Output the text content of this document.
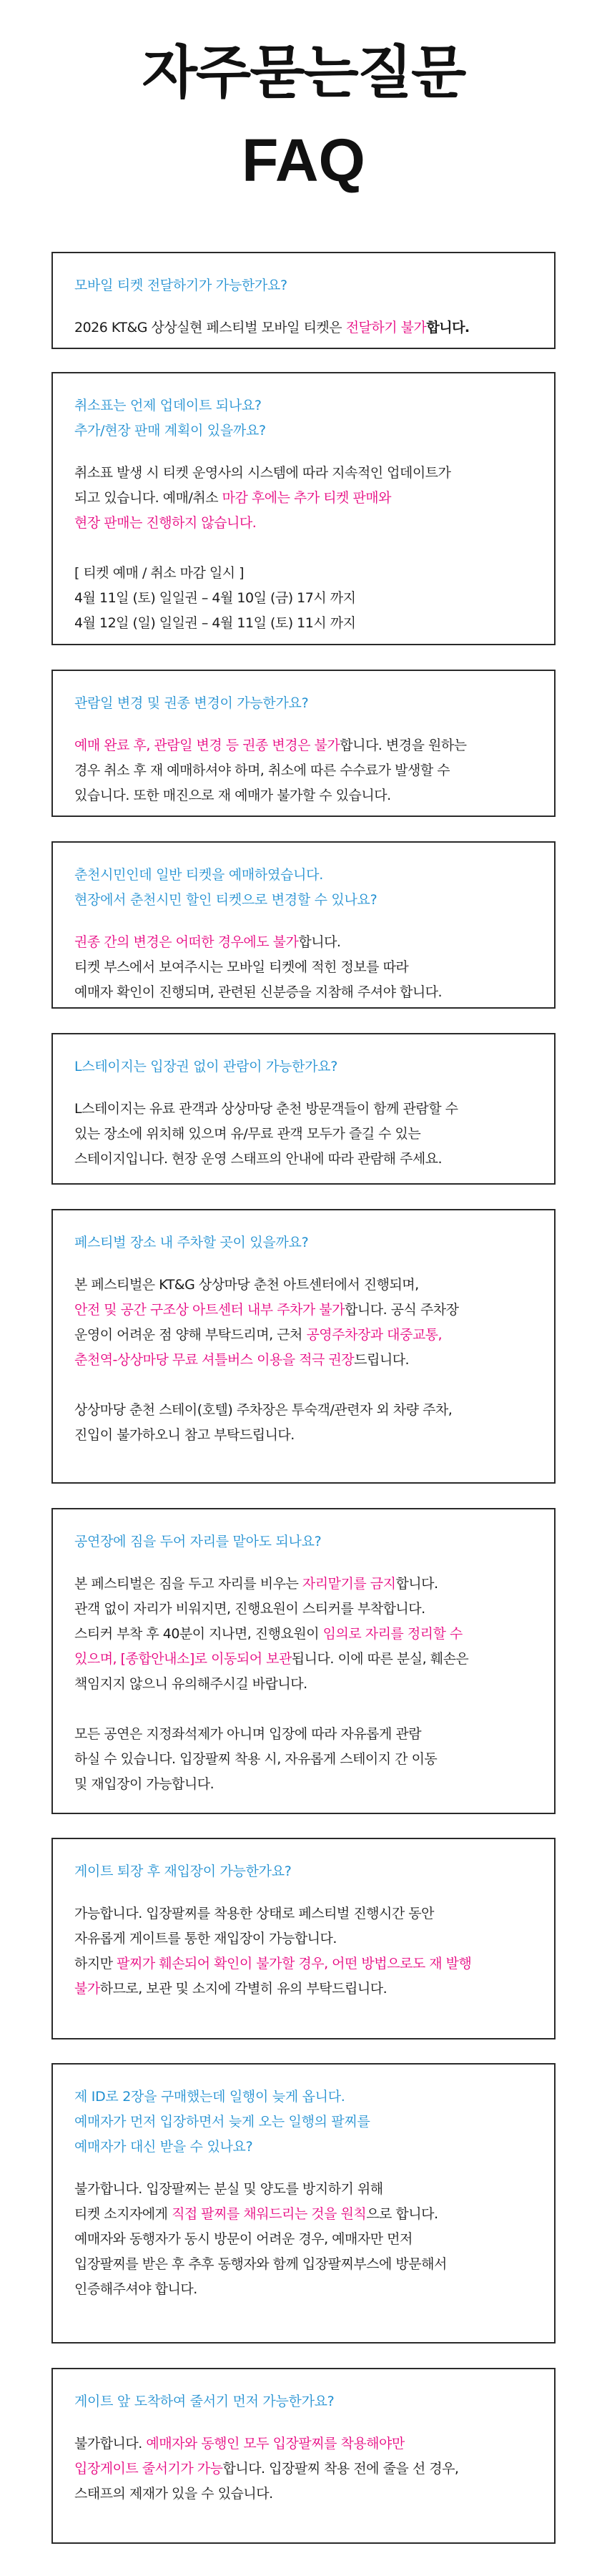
자주묻는질문
FAQ
모바일 티켓 전달하기가 가능한가요?
2026 KT&G 상상실현 페스티벌 모바일 티켓은 전달하기 불가합니다.
취소표는 언제 업데이트 되나요?
추가/현장 판매 계획이 있을까요?
취소표 발생 시 티켓 운영사의 시스템에 따라 지속적인 업데이트가
되고 있습니다. 예매/취소 마감 후에는 추가 티켓 판매와
현장 판매는 진행하지 않습니다.
[ 티켓 예매 / 취소 마감 일시 ]
4월 11일 (토) 일일권 – 4월 10일 (금) 17시 까지
4월 12일 (일) 일일권 – 4월 11일 (토) 11시 까지
관람일 변경 및 권종 변경이 가능한가요?
예매 완료 후, 관람일 변경 등 권종 변경은 불가합니다. 변경을 원하는
경우 취소 후 재 예매하셔야 하며, 취소에 따른 수수료가 발생할 수
있습니다. 또한 매진으로 재 예매가 불가할 수 있습니다.
춘천시민인데 일반 티켓을 예매하였습니다.
현장에서 춘천시민 할인 티켓으로 변경할 수 있나요?
권종 간의 변경은 어떠한 경우에도 불가합니다.
티켓 부스에서 보여주시는 모바일 티켓에 적힌 정보를 따라
예매자 확인이 진행되며, 관련된 신분증을 지참해 주셔야 합니다.
L스테이지는 입장권 없이 관람이 가능한가요?
L스테이지는 유료 관객과 상상마당 춘천 방문객들이 함께 관람할 수
있는 장소에 위치해 있으며 유/무료 관객 모두가 즐길 수 있는
스테이지입니다. 현장 운영 스태프의 안내에 따라 관람해 주세요.
페스티벌 장소 내 주차할 곳이 있을까요?
본 페스티벌은 KT&G 상상마당 춘천 아트센터에서 진행되며,
안전 및 공간 구조상 아트센터 내부 주차가 불가합니다. 공식 주차장
운영이 어려운 점 양해 부탁드리며, 근처 공영주차장과 대중교통,
춘천역-상상마당 무료 셔틀버스 이용을 적극 권장드립니다.
상상마당 춘천 스테이(호텔) 주차장은 투숙객/관련자 외 차량 주차,
진입이 불가하오니 참고 부탁드립니다.
공연장에 짐을 두어 자리를 맡아도 되나요?
본 페스티벌은 짐을 두고 자리를 비우는 자리맡기를 금지합니다.
관객 없이 자리가 비워지면, 진행요원이 스티커를 부착합니다.
스티커 부착 후 40분이 지나면, 진행요원이 임의로 자리를 정리할 수
있으며, [종합안내소]로 이동되어 보관됩니다. 이에 따른 분실, 훼손은
책임지지 않으니 유의해주시길 바랍니다.
모든 공연은 지정좌석제가 아니며 입장에 따라 자유롭게 관람
하실 수 있습니다. 입장팔찌 착용 시, 자유롭게 스테이지 간 이동
및 재입장이 가능합니다.
게이트 퇴장 후 재입장이 가능한가요?
가능합니다. 입장팔찌를 착용한 상태로 페스티벌 진행시간 동안
자유롭게 게이트를 통한 재입장이 가능합니다.
하지만 팔찌가 훼손되어 확인이 불가할 경우, 어떤 방법으로도 재 발행
불가하므로, 보관 및 소지에 각별히 유의 부탁드립니다.
제 ID로 2장을 구매했는데 일행이 늦게 옵니다.
예매자가 먼저 입장하면서 늦게 오는 일행의 팔찌를
예매자가 대신 받을 수 있나요?
불가합니다. 입장팔찌는 분실 및 양도를 방지하기 위해
티켓 소지자에게 직접 팔찌를 채워드리는 것을 원칙으로 합니다.
예매자와 동행자가 동시 방문이 어려운 경우, 예매자만 먼저
입장팔찌를 받은 후 추후 동행자와 함께 입장팔찌부스에 방문해서
인증해주셔야 합니다.
게이트 앞 도착하여 줄서기 먼저 가능한가요?
불가합니다. 예매자와 동행인 모두 입장팔찌를 착용해야만
입장게이트 줄서기가 가능합니다. 입장팔찌 착용 전에 줄을 선 경우,
스태프의 제재가 있을 수 있습니다.
